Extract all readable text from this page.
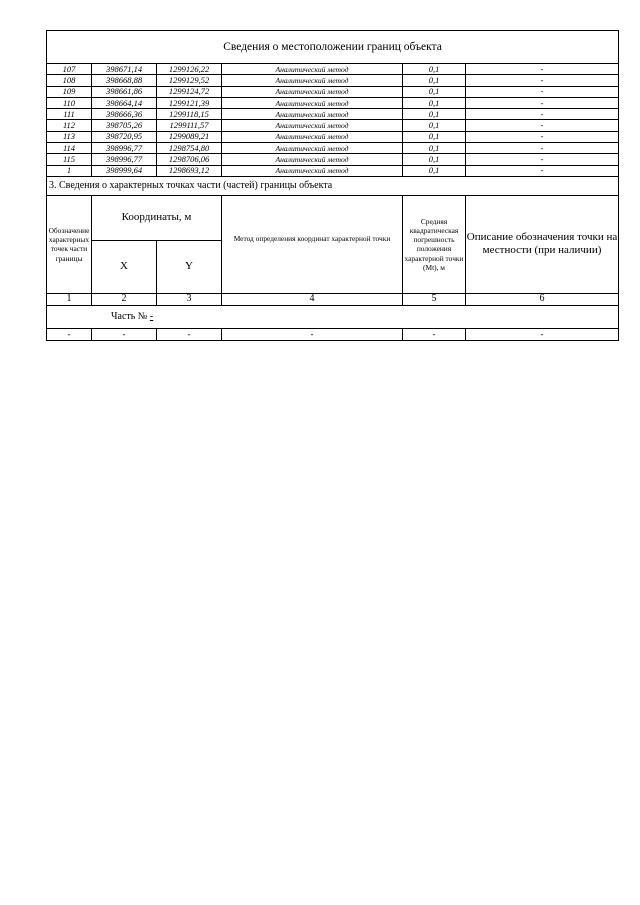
Сведения о местоположении границ объекта					
107	398671,14	1299126,22	Аналитический метод	0,1	-
108	398668,88	1299129,52	Аналитический метод	0,1	-
109	398661,86	1299124,72	Аналитический метод	0,1	-
110	398664,14	1299121,39	Аналитический метод	0,1	-
111	398666,36	1299118,15	Аналитический метод	0,1	-
112	398705,26	1299111,57	Аналитический метод	0,1	-
113	398720,95	1299089,21	Аналитический метод	0,1	-
114	398996,77	1298754,80	Аналитический метод	0,1	-
115	398996,77	1298706,06	Аналитический метод	0,1	-
1	398999,64	1298693,12	Аналитический метод	0,1	-
3. Сведения о характерных точках части (частей) границы объекта					
Обозначение характерных точек части границы	Координаты, м		Метод определения координат характерной точки	Средняя квадратическая погрешность положения характерной точки (Mt), м	Описание обозначения точки на местности (при наличии)
	X	Y			
1	2	3	4	5	6
Часть № -					
-	-	-	-	-	-
